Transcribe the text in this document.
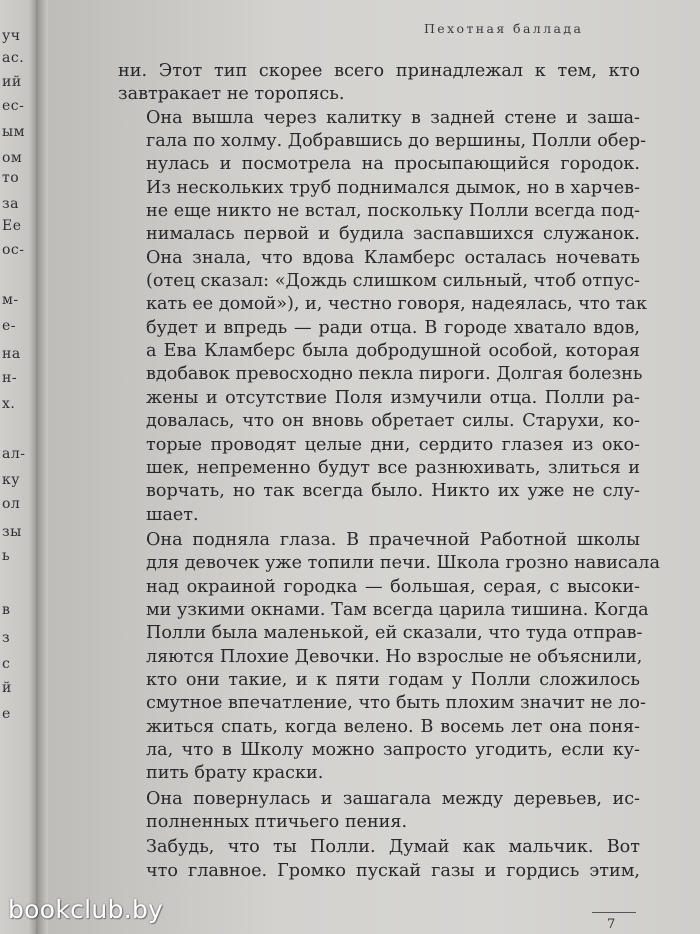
уч
ас.
ий
ес-
ым
ом
то
за
Ее
ос-
м-
е-
на
н-
х.
ал-
ку
ол
зы
ь
в
з
с
й
е
Пехотная баллада

ни. Этот тип скорее всего принадлежал к тем, кто
завтракает не торопясь.

Она вышла через калитку в задней стене и заша-
гала по холму. Добравшись до вершины, Полли обер-
нулась и посмотрела на просыпающийся городок.
Из нескольких труб поднимался дымок, но в харчев-
не еще никто не встал, поскольку Полли всегда под-
нималась первой и будила заспавшихся служанок.
Она знала, что вдова Кламберс осталась ночевать
(отец сказал: «Дождь слишком сильный, чтоб отпус-
кать ее домой»), и, честно говоря, надеялась, что так
будет и впредь — ради отца. В городе хватало вдов,
а Ева Кламберс была добродушной особой, которая
вдобавок превосходно пекла пироги. Долгая болезнь
жены и отсутствие Поля измучили отца. Полли ра-
довалась, что он вновь обретает силы. Старухи, ко-
торые проводят целые дни, сердито глазея из око-
шек, непременно будут все разнюхивать, злиться и
ворчать, но так всегда было. Никто их уже не слу-
шает.

Она подняла глаза. В прачечной Работной школы
для девочек уже топили печи. Школа грозно нависала
над окраиной городка — большая, серая, с высоки-
ми узкими окнами. Там всегда царила тишина. Когда
Полли была маленькой, ей сказали, что туда отправ-
ляются Плохие Девочки. Но взрослые не объяснили,
кто они такие, и к пяти годам у Полли сложилось
смутное впечатление, что быть плохим значит не ло-
житься спать, когда велено. В восемь лет она поня-
ла, что в Школу можно запросто угодить, если ку-
пить брату краски.

Она повернулась и зашагала между деревьев, ис-
полненных птичьего пения.

Забудь, что ты Полли. Думай как мальчик. Вот
что главное. Громко пускай газы и гордись этим,

7
bookclub.by
